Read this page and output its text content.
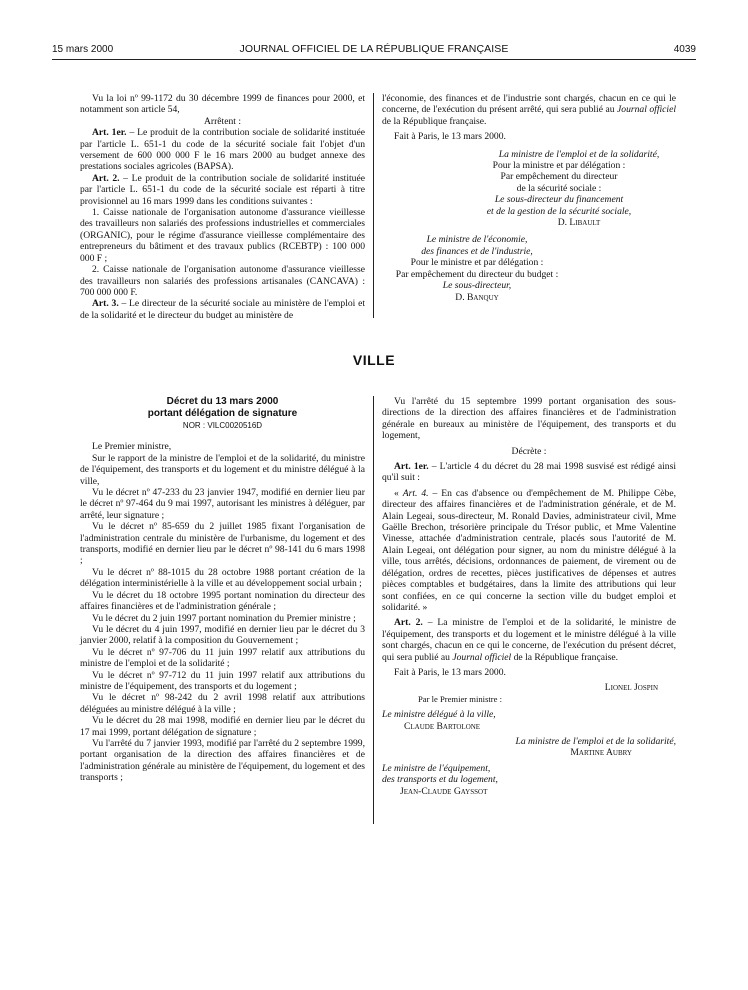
15 mars 2000	JOURNAL OFFICIEL DE LA RÉPUBLIQUE FRANÇAISE	4039

Vu la loi nº 99-1172 du 30 décembre 1999 de finances pour 2000, et notamment son article 54,

Arrêtent :

Art. 1er. – Le produit de la contribution sociale de solidarité instituée par l'article L. 651-1 du code de la sécurité sociale fait l'objet d'un versement de 600 000 000 F le 16 mars 2000 au budget annexe des prestations sociales agricoles (BAPSA).

Art. 2. – Le produit de la contribution sociale de solidarité instituée par l'article L. 651-1 du code de la sécurité sociale est réparti à titre provisionnel au 16 mars 1999 dans les conditions suivantes :

1. Caisse nationale de l'organisation autonome d'assurance vieillesse des travailleurs non salariés des professions industrielles et commerciales (ORGANIC), pour le régime d'assurance vieillesse complémentaire des entrepreneurs du bâtiment et des travaux publics (RCEBTP) : 100 000 000 F ;

2. Caisse nationale de l'organisation autonome d'assurance vieillesse des travailleurs non salariés des professions artisanales (CANCAVA) : 700 000 000 F.

Art. 3. – Le directeur de la sécurité sociale au ministère de l'emploi et de la solidarité et le directeur du budget au ministère de

l'économie, des finances et de l'industrie sont chargés, chacun en ce qui le concerne, de l'exécution du présent arrêté, qui sera publié au Journal officiel de la République française.

Fait à Paris, le 13 mars 2000.

La ministre de l'emploi et de la solidarité,

Pour la ministre et par délégation :

Par empêchement du directeur

de la sécurité sociale :

Le sous-directeur du financement

et de la gestion de la sécurité sociale,

D. Libault

Le ministre de l'économie,

des finances et de l'industrie,

Pour le ministre et par délégation :

Par empêchement du directeur du budget :

Le sous-directeur,

D. Banquy

VILLE
Décret du 13 mars 2000
portant délégation de signature
NOR : VILC0020516D

Le Premier ministre,

Sur le rapport de la ministre de l'emploi et de la solidarité, du ministre de l'équipement, des transports et du logement et du ministre délégué à la ville,

Vu le décret nº 47-233 du 23 janvier 1947, modifié en dernier lieu par le décret nº 97-464 du 9 mai 1997, autorisant les ministres à déléguer, par arrêté, leur signature ;

Vu le décret nº 85-659 du 2 juillet 1985 fixant l'organisation de l'administration centrale du ministère de l'urbanisme, du logement et des transports, modifié en dernier lieu par le décret nº 98-141 du 6 mars 1998 ;

Vu le décret nº 88-1015 du 28 octobre 1988 portant création de la délégation interministérielle à la ville et au développement social urbain ;

Vu le décret du 18 octobre 1995 portant nomination du directeur des affaires financières et de l'administration générale ;

Vu le décret du 2 juin 1997 portant nomination du Premier ministre ;

Vu le décret du 4 juin 1997, modifié en dernier lieu par le décret du 3 janvier 2000, relatif à la composition du Gouvernement ;

Vu le décret nº 97-706 du 11 juin 1997 relatif aux attributions du ministre de l'emploi et de la solidarité ;

Vu le décret nº 97-712 du 11 juin 1997 relatif aux attributions du ministre de l'équipement, des transports et du logement ;

Vu le décret nº 98-242 du 2 avril 1998 relatif aux attributions déléguées au ministre délégué à la ville ;

Vu le décret du 28 mai 1998, modifié en dernier lieu par le décret du 17 mai 1999, portant délégation de signature ;

Vu l'arrêté du 7 janvier 1993, modifié par l'arrêté du 2 septembre 1999, portant organisation de la direction des affaires financières et de l'administration générale au ministère de l'équipement, du logement et des transports ;

Vu l'arrêté du 15 septembre 1999 portant organisation des sous-directions de la direction des affaires financières et de l'administration générale en bureaux au ministère de l'équipement, des transports et du logement,

Décrète :

Art. 1er. – L'article 4 du décret du 28 mai 1998 susvisé est rédigé ainsi qu'il suit :

« Art. 4. – En cas d'absence ou d'empêchement de M. Philippe Cèbe, directeur des affaires financières et de l'administration générale, et de M. Alain Legeai, sous-directeur, M. Ronald Davies, administrateur civil, Mme Gaëlle Brechon, trésorière principale du Trésor public, et Mme Valentine Vinesse, attachée d'administration centrale, placés sous l'autorité de M. Alain Legeai, ont délégation pour signer, au nom du ministre délégué à la ville, tous arrêtés, décisions, ordonnances de paiement, de virement ou de délégation, ordres de recettes, pièces justificatives de dépenses et autres pièces comptables et budgétaires, dans la limite des attributions qui leur sont confiées, en ce qui concerne la section ville du budget emploi et solidarité. »

Art. 2. – La ministre de l'emploi et de la solidarité, le ministre de l'équipement, des transports et du logement et le ministre délégué à la ville sont chargés, chacun en ce qui le concerne, de l'exécution du présent décret, qui sera publié au Journal officiel de la République française.

Fait à Paris, le 13 mars 2000.

Lionel Jospin

Par le Premier ministre :

Le ministre délégué à la ville,

Claude Bartolone

La ministre de l'emploi et de la solidarité,

Martine Aubry

Le ministre de l'équipement,

des transports et du logement,

Jean-Claude Gayssot
